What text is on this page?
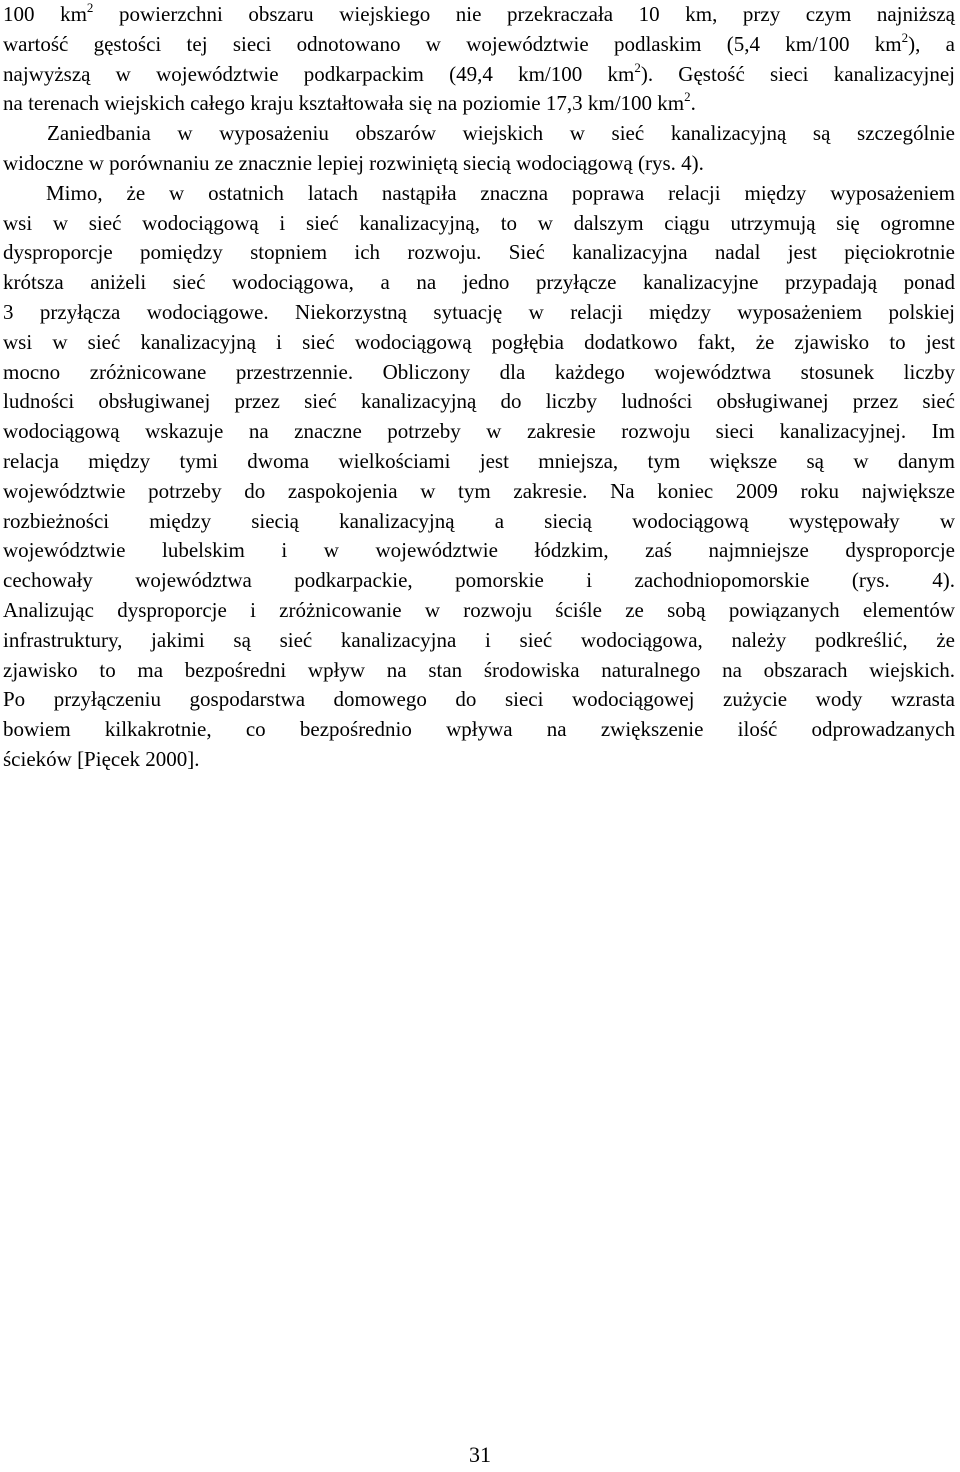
100 $km^2$ powierzchni obszaru wiejskiego nie przekraczała 10 km, przy czym najniższą
wartość gęstości tej sieci odnotowano w województwie podlaskim (5,4 km/100 $km^2$), a
najwyższą w województwie podkarpackim (49,4 km/100 $km^2$). Gęstość sieci kanalizacyjnej
na terenach wiejskich całego kraju kształtowała się na poziomie 17,3 km/100 $km^2$.
Zaniedbania w wyposażeniu obszarów wiejskich w sieć kanalizacyjną są szczególnie
widoczne w porównaniu ze znacznie lepiej rozwiniętą siecią wodociągową (rys. 4).
Mimo, że w ostatnich latach nastąpiła znaczna poprawa relacji między wyposażeniem
wsi w sieć wodociągową i sieć kanalizacyjną, to w dalszym ciągu utrzymują się ogromne
dysproporcje pomiędzy stopniem ich rozwoju. Sieć kanalizacyjna nadal jest pięciokrotnie
krótsza aniżeli sieć wodociągowa, a na jedno przyłącze kanalizacyjne przypadają ponad
3 przyłącza wodociągowe. Niekorzystną sytuację w relacji między wyposażeniem polskiej
wsi w sieć kanalizacyjną i sieć wodociągową pogłębia dodatkowo fakt, że zjawisko to jest
mocno zróżnicowane przestrzennie. Obliczony dla każdego województwa stosunek liczby
ludności obsługiwanej przez sieć kanalizacyjną do liczby ludności obsługiwanej przez sieć
wodociągową wskazuje na znaczne potrzeby w zakresie rozwoju sieci kanalizacyjnej. Im
relacja między tymi dwoma wielkościami jest mniejsza, tym większe są w danym
województwie potrzeby do zaspokojenia w tym zakresie. Na koniec 2009 roku największe
rozbieżności między siecią kanalizacyjną a siecią wodociągową występowały w
województwie lubelskim i w województwie łódzkim, zaś najmniejsze dysproporcje
cechowały województwa podkarpackie, pomorskie i zachodniopomorskie (rys. 4).
Analizując dysproporcje i zróżnicowanie w rozwoju ściśle ze sobą powiązanych elementów
infrastruktury, jakimi są sieć kanalizacyjna i sieć wodociągowa, należy podkreślić, że
zjawisko to ma bezpośredni wpływ na stan środowiska naturalnego na obszarach wiejskich.
Po przyłączeniu gospodarstwa domowego do sieci wodociągowej zużycie wody wzrasta
bowiem kilkakrotnie, co bezpośrednio wpływa na zwiększenie ilość odprowadzanych
ścieków [Pięcek 2000].
31
